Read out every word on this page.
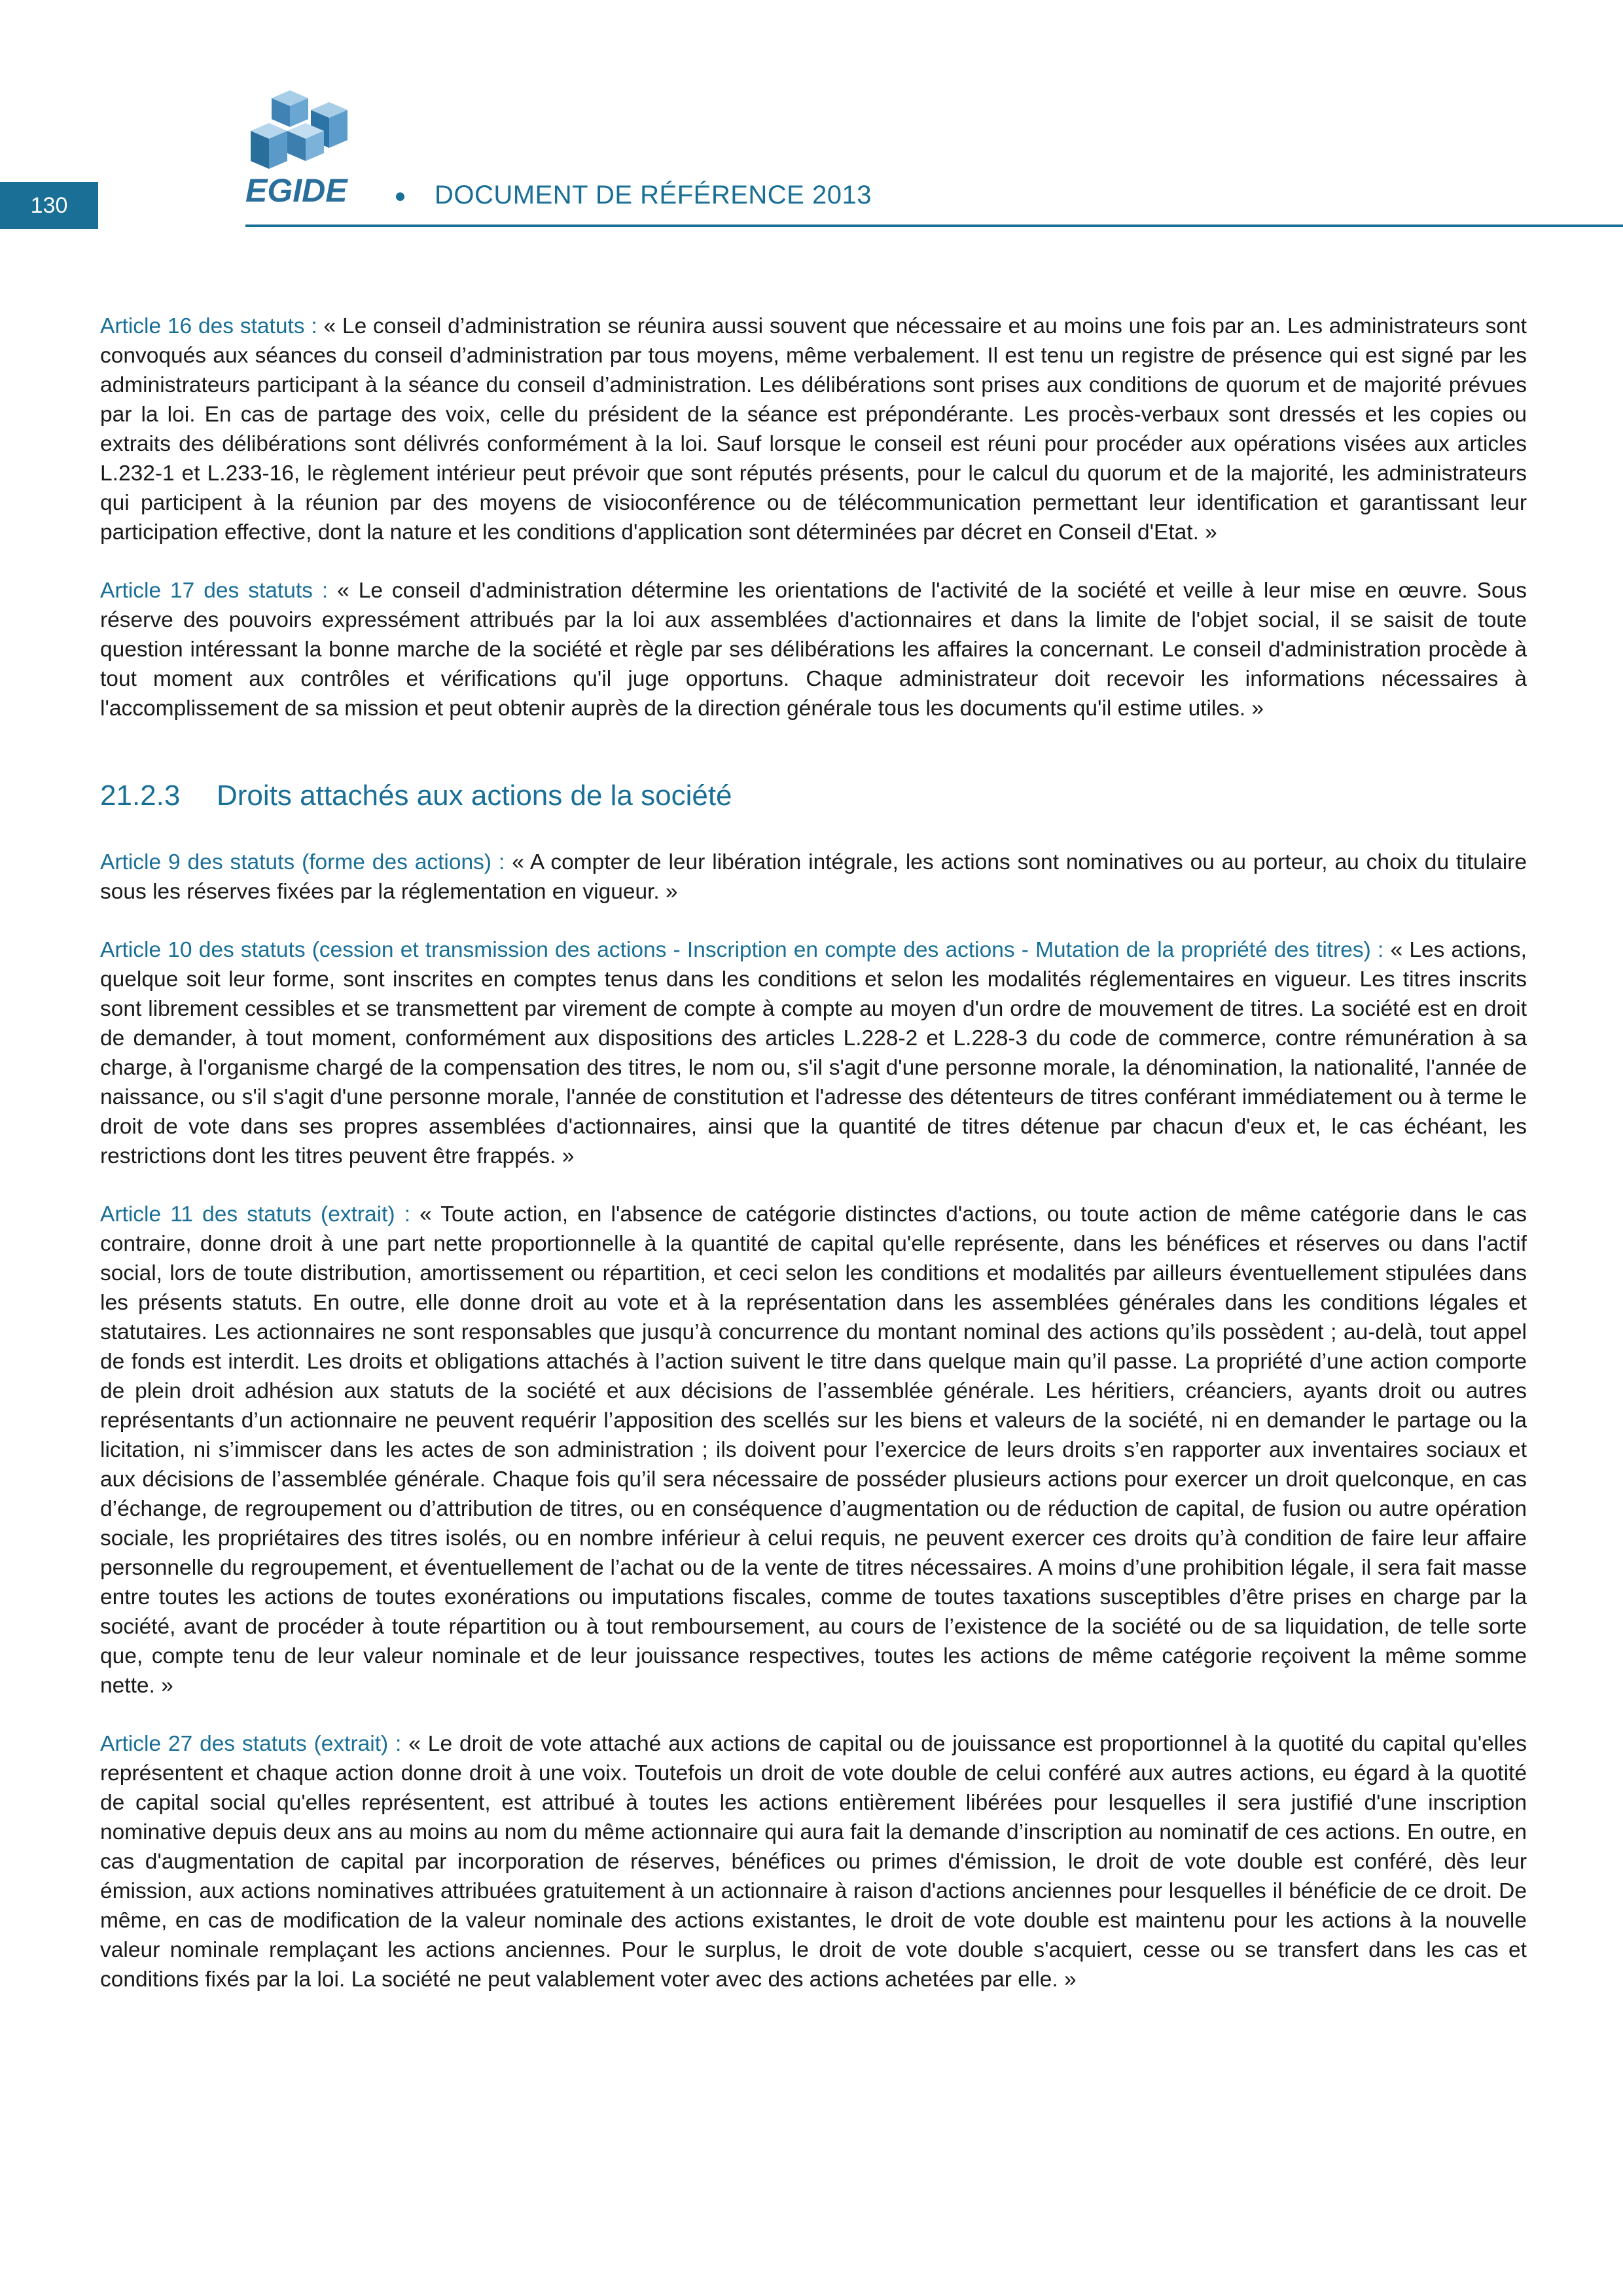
130	EGIDE	DOCUMENT DE RÉFÉRENCE 2013

Article 16 des statuts : « Le conseil d’administration se réunira aussi souvent que nécessaire et au moins une fois par an. Les administrateurs sont convoqués aux séances du conseil d’administration par tous moyens, même verbalement. Il est tenu un registre de présence qui est signé par les administrateurs participant à la séance du conseil d’administration. Les délibérations sont prises aux conditions de quorum et de majorité prévues par la loi. En cas de partage des voix, celle du président de la séance est prépondérante. Les procès-verbaux sont dressés et les copies ou extraits des délibérations sont délivrés conformément à la loi. Sauf lorsque le conseil est réuni pour procéder aux opérations visées aux articles L.232-1 et L.233-16, le règlement intérieur peut prévoir que sont réputés présents, pour le calcul du quorum et de la majorité, les administrateurs qui participent à la réunion par des moyens de visioconférence ou de télécommunication permettant leur identification et garantissant leur participation effective, dont la nature et les conditions d'application sont déterminées par décret en Conseil d'Etat. »

Article 17 des statuts : « Le conseil d'administration détermine les orientations de l'activité de la société et veille à leur mise en œuvre. Sous réserve des pouvoirs expressément attribués par la loi aux assemblées d'actionnaires et dans la limite de l'objet social, il se saisit de toute question intéressant la bonne marche de la société et règle par ses délibérations les affaires la concernant. Le conseil d'administration procède à tout moment aux contrôles et vérifications qu'il juge opportuns. Chaque administrateur doit recevoir les informations nécessaires à l'accomplissement de sa mission et peut obtenir auprès de la direction générale tous les documents qu'il estime utiles. »

21.2.3 Droits attachés aux actions de la société

Article 9 des statuts (forme des actions) : « A compter de leur libération intégrale, les actions sont nominatives ou au porteur, au choix du titulaire sous les réserves fixées par la réglementation en vigueur. »

Article 10 des statuts (cession et transmission des actions - Inscription en compte des actions - Mutation de la propriété des titres) : « Les actions, quelque soit leur forme, sont inscrites en comptes tenus dans les conditions et selon les modalités réglementaires en vigueur. Les titres inscrits sont librement cessibles et se transmettent par virement de compte à compte au moyen d'un ordre de mouvement de titres. La société est en droit de demander, à tout moment, conformément aux dispositions des articles L.228-2 et L.228-3 du code de commerce, contre rémunération à sa charge, à l'organisme chargé de la compensation des titres, le nom ou, s'il s'agit d'une personne morale, la dénomination, la nationalité, l'année de naissance, ou s'il s'agit d'une personne morale, l'année de constitution et l'adresse des détenteurs de titres conférant immédiatement ou à terme le droit de vote dans ses propres assemblées d'actionnaires, ainsi que la quantité de titres détenue par chacun d'eux et, le cas échéant, les restrictions dont les titres peuvent être frappés. »

Article 11 des statuts (extrait) : « Toute action, en l'absence de catégorie distinctes d'actions, ou toute action de même catégorie dans le cas contraire, donne droit à une part nette proportionnelle à la quantité de capital qu'elle représente, dans les bénéfices et réserves ou dans l'actif social, lors de toute distribution, amortissement ou répartition, et ceci selon les conditions et modalités par ailleurs éventuellement stipulées dans les présents statuts. En outre, elle donne droit au vote et à la représentation dans les assemblées générales dans les conditions légales et statutaires. Les actionnaires ne sont responsables que jusqu’à concurrence du montant nominal des actions qu’ils possèdent ; au-delà, tout appel de fonds est interdit. Les droits et obligations attachés à l’action suivent le titre dans quelque main qu’il passe. La propriété d’une action comporte de plein droit adhésion aux statuts de la société et aux décisions de l’assemblée générale. Les héritiers, créanciers, ayants droit ou autres représentants d’un actionnaire ne peuvent requérir l’apposition des scellés sur les biens et valeurs de la société, ni en demander le partage ou la licitation, ni s’immiscer dans les actes de son administration ; ils doivent pour l’exercice de leurs droits s’en rapporter aux inventaires sociaux et aux décisions de l’assemblée générale. Chaque fois qu’il sera nécessaire de posséder plusieurs actions pour exercer un droit quelconque, en cas d’échange, de regroupement ou d’attribution de titres, ou en conséquence d’augmentation ou de réduction de capital, de fusion ou autre opération sociale, les propriétaires des titres isolés, ou en nombre inférieur à celui requis, ne peuvent exercer ces droits qu’à condition de faire leur affaire personnelle du regroupement, et éventuellement de l’achat ou de la vente de titres nécessaires. A moins d’une prohibition légale, il sera fait masse entre toutes les actions de toutes exonérations ou imputations fiscales, comme de toutes taxations susceptibles d’être prises en charge par la société, avant de procéder à toute répartition ou à tout remboursement, au cours de l’existence de la société ou de sa liquidation, de telle sorte que, compte tenu de leur valeur nominale et de leur jouissance respectives, toutes les actions de même catégorie reçoivent la même somme nette. »

Article 27 des statuts (extrait) : « Le droit de vote attaché aux actions de capital ou de jouissance est proportionnel à la quotité du capital qu'elles représentent et chaque action donne droit à une voix. Toutefois un droit de vote double de celui conféré aux autres actions, eu égard à la quotité de capital social qu'elles représentent, est attribué à toutes les actions entièrement libérées pour lesquelles il sera justifié d'une inscription nominative depuis deux ans au moins au nom du même actionnaire qui aura fait la demande d’inscription au nominatif de ces actions. En outre, en cas d'augmentation de capital par incorporation de réserves, bénéfices ou primes d'émission, le droit de vote double est conféré, dès leur émission, aux actions nominatives attribuées gratuitement à un actionnaire à raison d'actions anciennes pour lesquelles il bénéficie de ce droit. De même, en cas de modification de la valeur nominale des actions existantes, le droit de vote double est maintenu pour les actions à la nouvelle valeur nominale remplaçant les actions anciennes. Pour le surplus, le droit de vote double s'acquiert, cesse ou se transfert dans les cas et conditions fixés par la loi. La société ne peut valablement voter avec des actions achetées par elle. »
